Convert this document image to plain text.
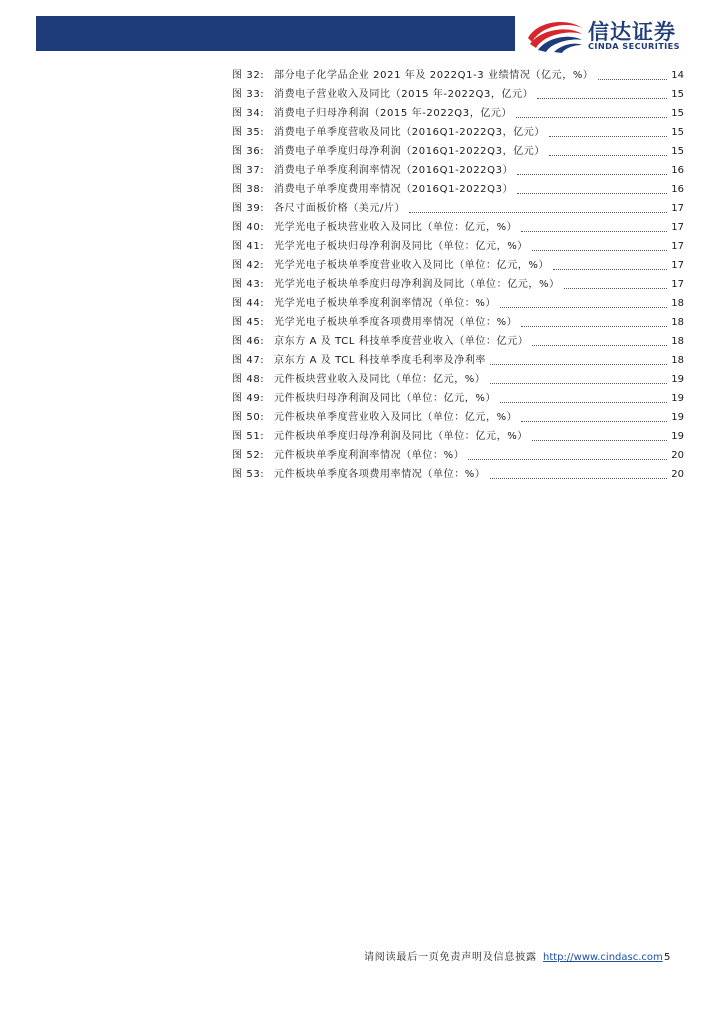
信达证券
CINDA SECURITIES
图 32: 部分电子化学品企业 2021 年及 2022Q1-3 业绩情况（亿元，%）	14
图 33: 消费电子营业收入及同比（2015 年-2022Q3，亿元）	15
图 34: 消费电子归母净利润（2015 年-2022Q3，亿元）	15
图 35: 消费电子单季度营收及同比（2016Q1-2022Q3，亿元）	15
图 36: 消费电子单季度归母净利润（2016Q1-2022Q3，亿元）	15
图 37: 消费电子单季度利润率情况（2016Q1-2022Q3）	16
图 38: 消费电子单季度费用率情况（2016Q1-2022Q3）	16
图 39: 各尺寸面板价格（美元/片）	17
图 40: 光学光电子板块营业收入及同比（单位：亿元，%）	17
图 41: 光学光电子板块归母净利润及同比（单位：亿元，%）	17
图 42: 光学光电子板块单季度营业收入及同比（单位：亿元，%）	17
图 43: 光学光电子板块单季度归母净利润及同比（单位：亿元，%）	17
图 44: 光学光电子板块单季度利润率情况（单位：%）	18
图 45: 光学光电子板块单季度各项费用率情况（单位：%）	18
图 46: 京东方 A 及 TCL 科技单季度营业收入（单位：亿元）	18
图 47: 京东方 A 及 TCL 科技单季度毛利率及净利率	18
图 48: 元件板块营业收入及同比（单位：亿元，%）	19
图 49: 元件板块归母净利润及同比（单位：亿元，%）	19
图 50: 元件板块单季度营业收入及同比（单位：亿元，%）	19
图 51: 元件板块单季度归母净利润及同比（单位：亿元，%）	19
图 52: 元件板块单季度利润率情况（单位：%）	20
图 53: 元件板块单季度各项费用率情况（单位：%）	20
请阅读最后一页免责声明及信息披露 http://www.cindasc.com 5
